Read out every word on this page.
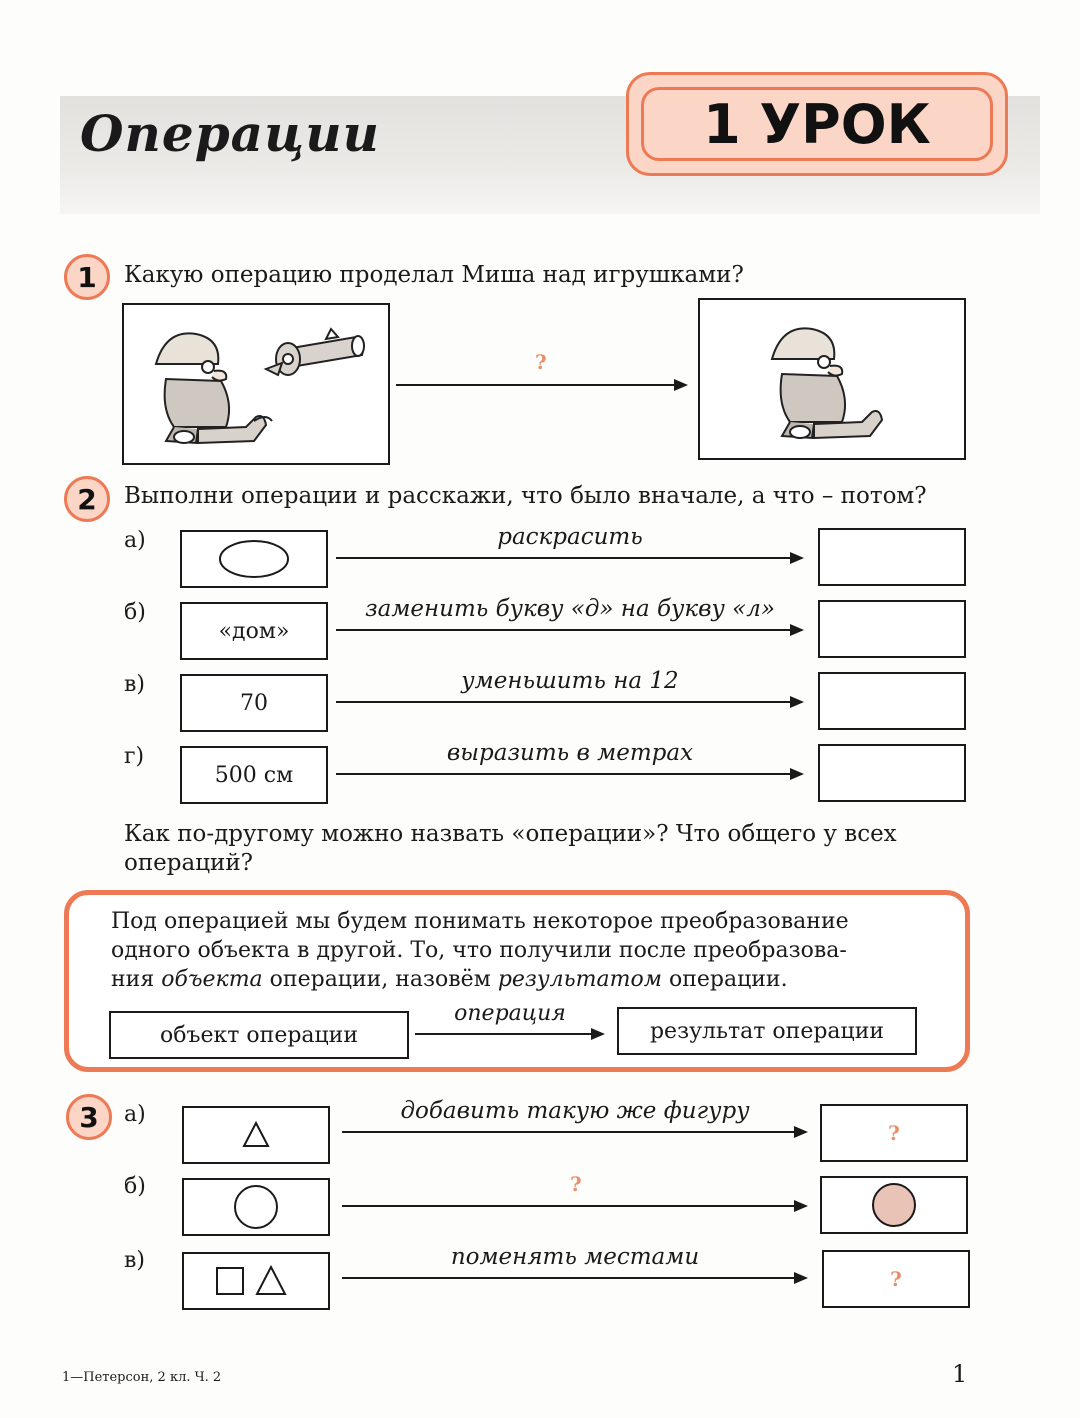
Операции	1 УРОК
1	Какую операцию проделал Миша над игрушками?
?
2	Выполни операции и расскажи, что было вначале, а что – потом?
а)	раскрасить
б)
«дом»
заменить букву «д» на букву «л»
в)
70
уменьшить на 12
г)
500 см
выразить в метрах
Как по-другому можно назвать «операции»? Что общего у всех операций?
Под операцией мы будем понимать некоторое преобразование
одного объекта в другой. То, что получили после преобразова-
ния объекта операции, назовём результатом операции.
объект операции
операция
результат операции
3	а)	добавить такую же фигуру
?
б)	?
в)	поменять местами
?
1—Петерсон, 2 кл. Ч. 2	1
